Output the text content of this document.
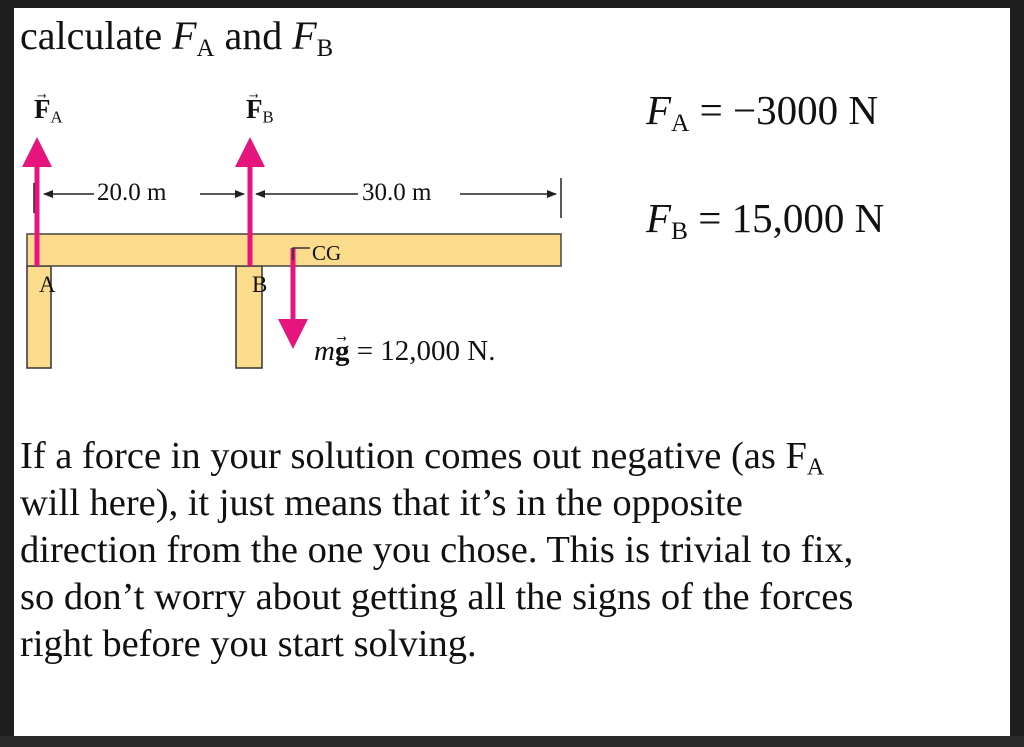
calculate $F_A$ and $F_B$
→ $F_A$
→	$F_B$
20.0 m	30.0 m
A	B
CG
m→ g = 12,000 N.
$F_A = -3000$ N
$F_B = 15,000$ N
If a force in your solution comes out negative (as $F_A$
will here), it just means that it’s in the opposite
direction from the one you chose. This is trivial to fix,
so don’t worry about getting all the signs of the forces
right before you start solving.
